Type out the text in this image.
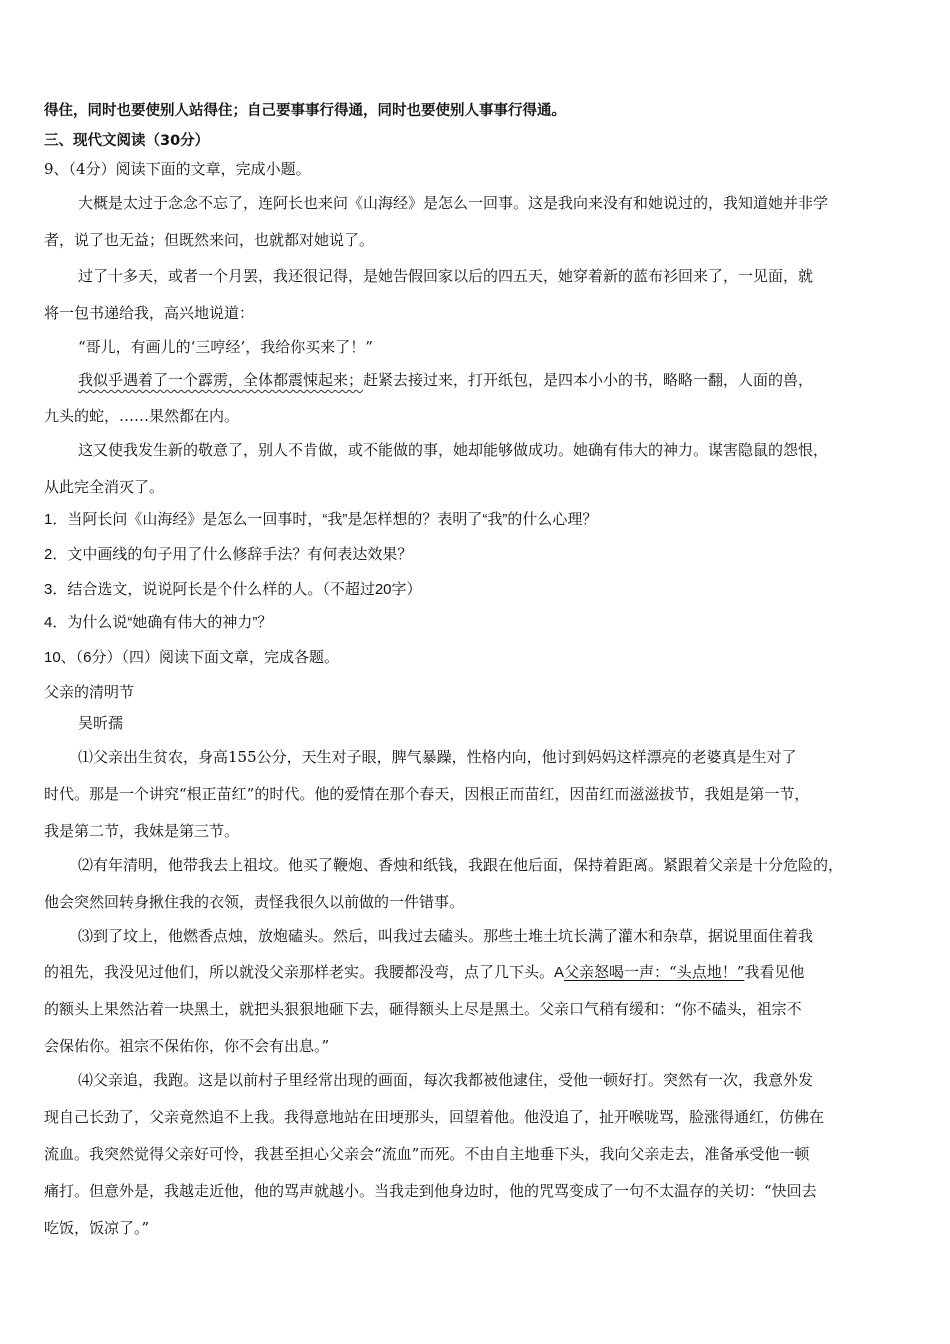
得住，同时也要使别人站得住；自己要事事行得通，同时也要使别人事事行得通。
三、现代文阅读（30分）
9、（4分）阅读下面的文章，完成小题。
大概是太过于念念不忘了，连阿长也来问《山海经》是怎么一回事。这是我向来没有和她说过的，我知道她并非学
者，说了也无益；但既然来问，也就都对她说了。
过了十多天，或者一个月罢，我还很记得，是她告假回家以后的四五天，她穿着新的蓝布衫回来了，一见面，就
将一包书递给我，高兴地说道：
“哥儿，有画儿的‘三哼经’，我给你买来了！”
我似乎遇着了一个霹雳，全体都震悚起来；赶紧去接过来，打开纸包，是四本小小的书，略略一翻，人面的兽，
九头的蛇，……果然都在内。
这又使我发生新的敬意了，别人不肯做，或不能做的事，她却能够做成功。她确有伟大的神力。谋害隐鼠的怨恨，
从此完全消灭了。
1．当阿长问《山海经》是怎么一回事时，“我”是怎样想的？表明了“我”的什么心理？
2．文中画线的句子用了什么修辞手法？有何表达效果？
3．结合选文，说说阿长是个什么样的人。（不超过20字）
4．为什么说“她确有伟大的神力”？
10、（6分）（四）阅读下面文章，完成各题。
父亲的清明节
吴昕孺
⑴父亲出生贫农，身高155公分，天生对子眼，脾气暴躁，性格内向，他讨到妈妈这样漂亮的老婆真是生对了
时代。那是一个讲究“根正苗红”的时代。他的爱情在那个春天，因根正而苗红，因苗红而滋滋拔节，我姐是第一节，
我是第二节，我妹是第三节。
⑵有年清明，他带我去上祖坟。他买了鞭炮、香烛和纸钱，我跟在他后面，保持着距离。紧跟着父亲是十分危险的，
他会突然回转身揪住我的衣领，责怪我很久以前做的一件错事。
⑶到了坟上，他燃香点烛，放炮磕头。然后，叫我过去磕头。那些土堆土坑长满了灌木和杂草，据说里面住着我
的祖先，我没见过他们，所以就没父亲那样老实。我腰都没弯，点了几下头。A父亲怒喝一声：“头点地！”我看见他
的额头上果然沾着一块黑土，就把头狠狠地砸下去，砸得额头上尽是黑土。父亲口气稍有缓和：“你不磕头，祖宗不
会保佑你。祖宗不保佑你，你不会有出息。”
⑷父亲追，我跑。这是以前村子里经常出现的画面，每次我都被他逮住，受他一顿好打。突然有一次，我意外发
现自己长劲了，父亲竟然追不上我。我得意地站在田埂那头，回望着他。他没追了，扯开喉咙骂，脸涨得通红，仿佛在
流血。我突然觉得父亲好可怜，我甚至担心父亲会“流血”而死。不由自主地垂下头，我向父亲走去，准备承受他一顿
痛打。但意外是，我越走近他，他的骂声就越小。当我走到他身边时，他的咒骂变成了一句不太温存的关切：“快回去
吃饭，饭凉了。”
